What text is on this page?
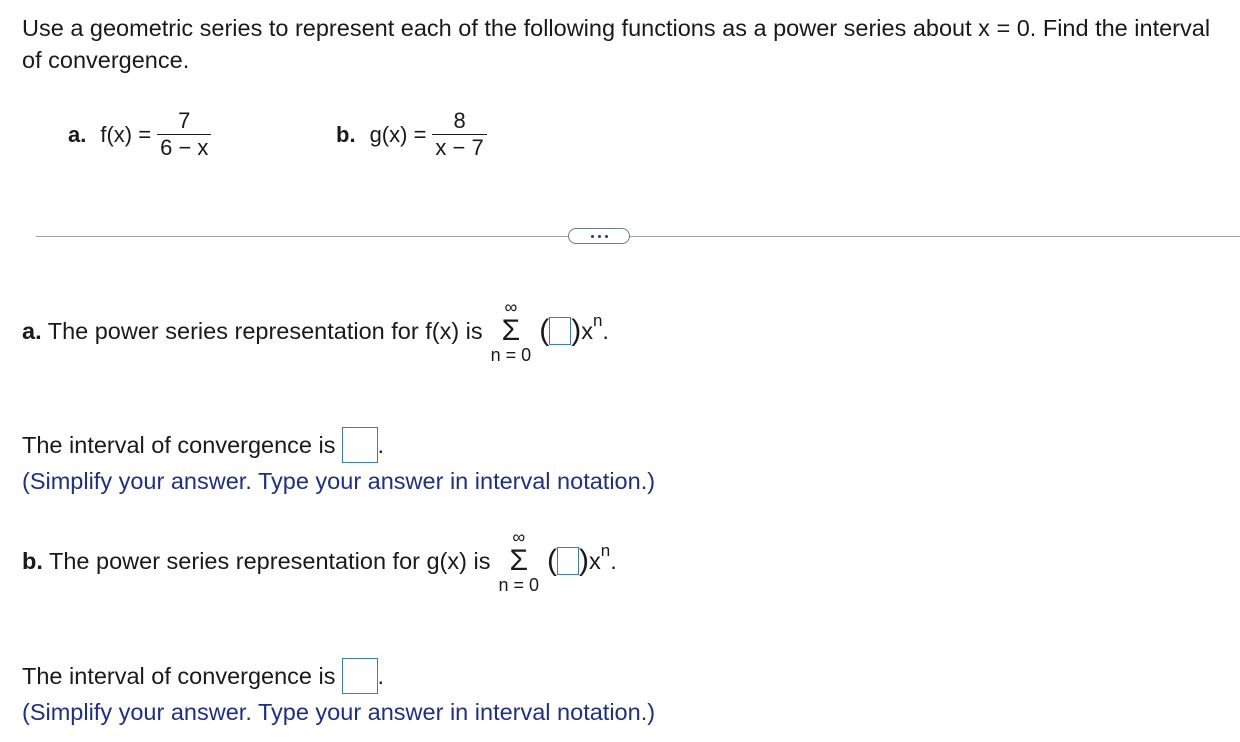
Use a geometric series to represent each of the following functions as a power series about x = 0. Find the interval of convergence.
a. $f(x) = \frac{7}{6 - x}$	b. $g(x) = \frac{8}{x - 7}$
a. The power series representation for f(x) is
∞
Σ
n = 0
( ) $x^n$ .
The interval of convergence is .
(Simplify your answer. Type your answer in interval notation.)
b. The power series representation for g(x) is
∞
Σ
n = 0
( ) $x^n$ .
The interval of convergence is .
(Simplify your answer. Type your answer in interval notation.)
